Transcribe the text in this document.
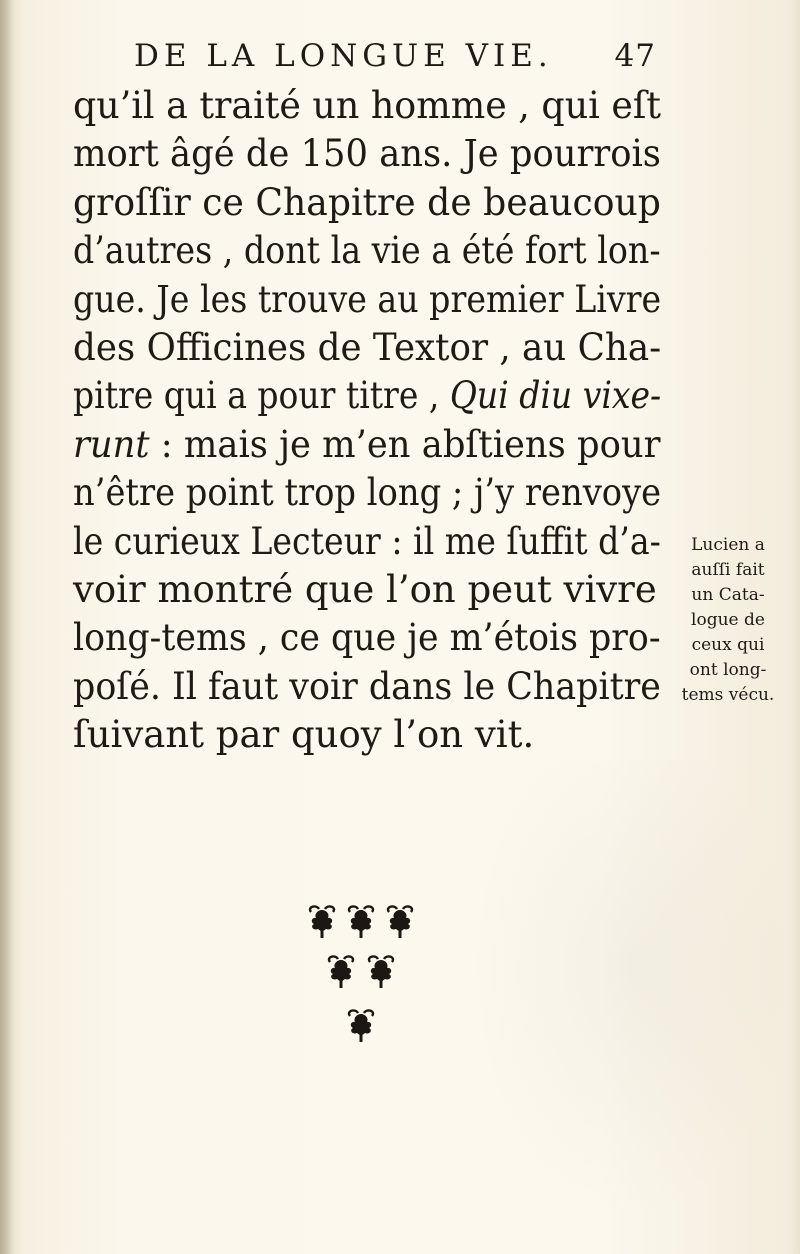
DE LA LONGUE VIE. 47
qu’il a traité un homme , qui eſt
mort âgé de 150 ans. Je pourrois
groſſir ce Chapitre de beaucoup
d’autres , dont la vie a été fort lon-
gue. Je les trouve au premier Livre
des Officines de Textor , au Cha-
pitre qui a pour titre , Qui diu vixe-
runt : mais je m’en abſtiens pour
n’être point trop long ; j’y renvoye
le curieux Lecteur : il me ſuffit d’a-
voir montré que l’on peut vivre
long-tems , ce que je m’étois pro-
poſé. Il faut voir dans le Chapitre
ſuivant par quoy l’on vit.
Lucien a
auſſi fait
un Cata-
logue de
ceux qui
ont long-
tems vécu.
